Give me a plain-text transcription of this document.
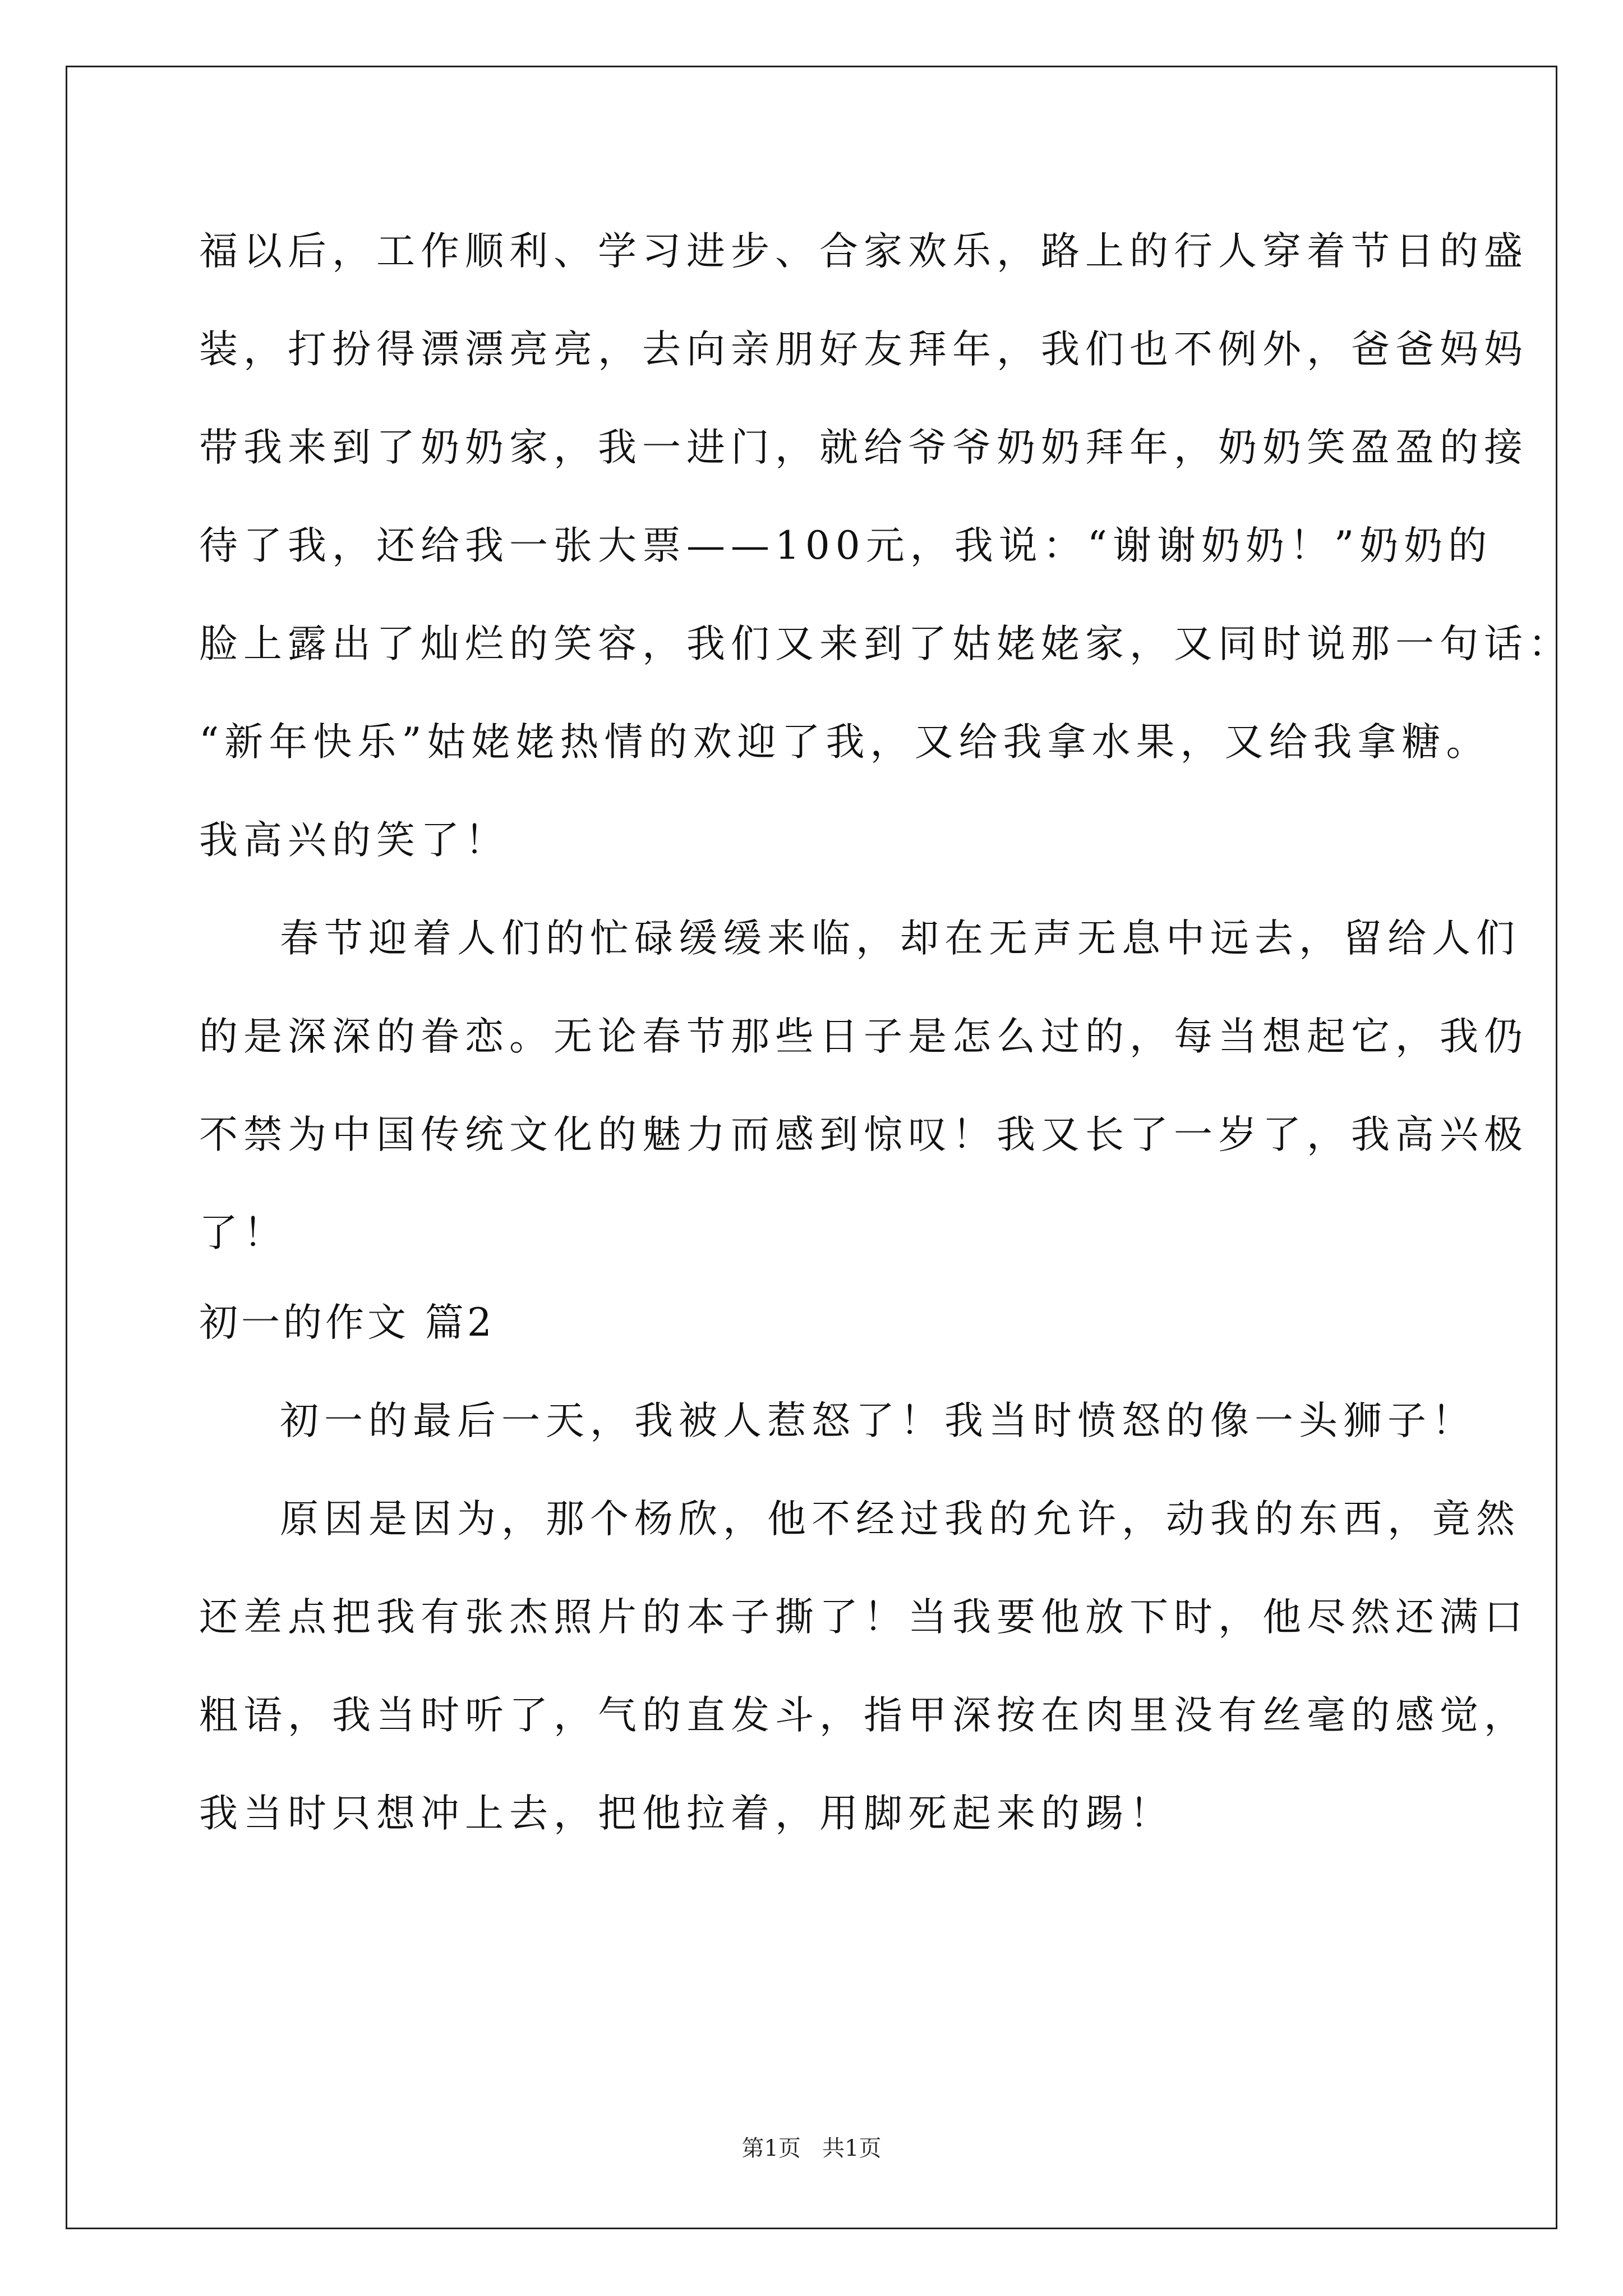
福以后，工作顺利、学习进步、合家欢乐，路上的行人穿着节日的盛
装，打扮得漂漂亮亮，去向亲朋好友拜年，我们也不例外，爸爸妈妈
带我来到了奶奶家，我一进门，就给爷爷奶奶拜年，奶奶笑盈盈的接
待了我，还给我一张大票——100元，我说：“谢谢奶奶！”奶奶的
脸上露出了灿烂的笑容，我们又来到了姑姥姥家，又同时说那一句话：
“新年快乐”姑姥姥热情的欢迎了我，又给我拿水果，又给我拿糖。
我高兴的笑了！
春节迎着人们的忙碌缓缓来临，却在无声无息中远去，留给人们
的是深深的眷恋。无论春节那些日子是怎么过的，每当想起它，我仍
不禁为中国传统文化的魅力而感到惊叹！我又长了一岁了，我高兴极
了！
初一的作文 篇2
初一的最后一天，我被人惹怒了！我当时愤怒的像一头狮子！
原因是因为，那个杨欣，他不经过我的允许，动我的东西，竟然
还差点把我有张杰照片的本子撕了！当我要他放下时，他尽然还满口
粗语，我当时听了，气的直发斗，指甲深按在肉里没有丝毫的感觉，
我当时只想冲上去，把他拉着，用脚死起来的踢！
第1页   共1页
